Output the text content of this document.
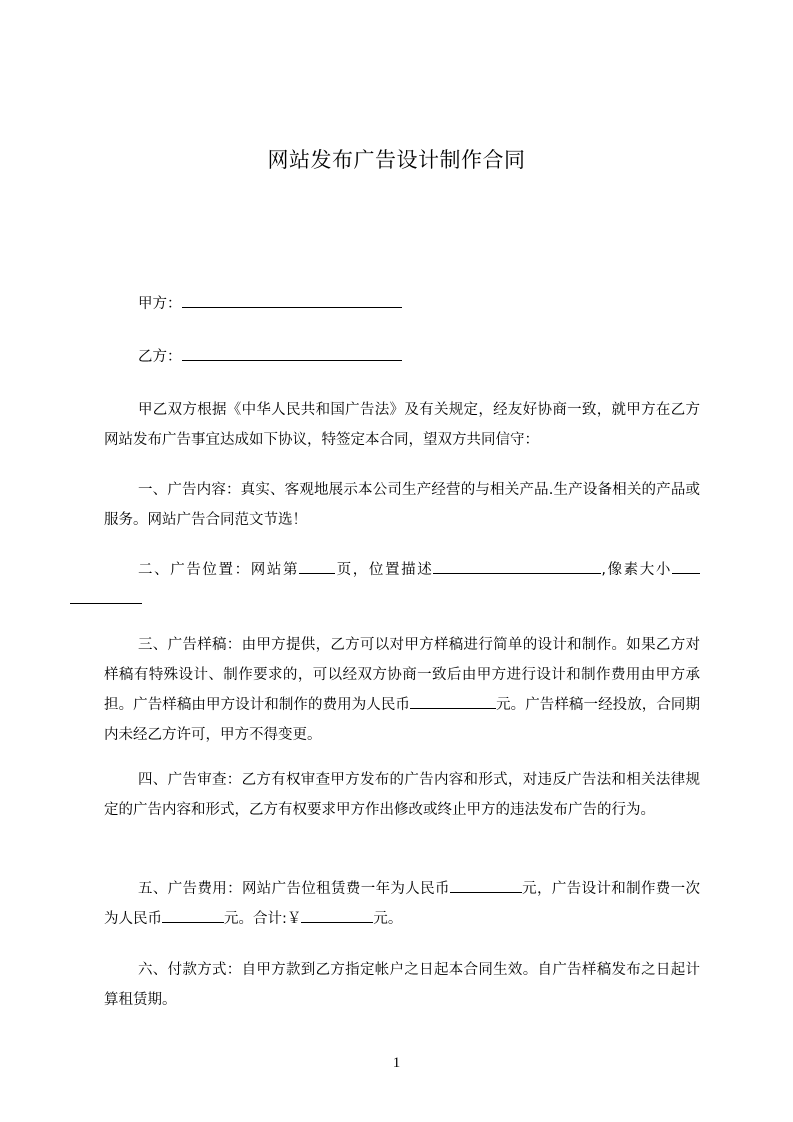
网站发布广告设计制作合同
甲方：
乙方：
甲乙双方根据《中华人民共和国广告法》及有关规定，经友好协商一致，就甲方在乙方网站发布广告事宜达成如下协议，特签定本合同，望双方共同信守：
一、广告内容：真实、客观地展示本公司生产经营的与相关产品.生产设备相关的产品或服务。网站广告合同范文节选！
二、广告位置：网站第 页，位置描述	,像素大小
三、广告样稿：由甲方提供，乙方可以对甲方样稿进行简单的设计和制作。如果乙方对样稿有特殊设计、制作要求的，可以经双方协商一致后由甲方进行设计和制作费用由甲方承担。广告样稿由甲方设计和制作的费用为人民币	元。广告样稿一经投放，合同期内未经乙方许可，甲方不得变更。
四、广告审查：乙方有权审查甲方发布的广告内容和形式，对违反广告法和相关法律规定的广告内容和形式，乙方有权要求甲方作出修改或终止甲方的违法发布广告的行为。
五、广告费用：网站广告位租赁费一年为人民币	元，广告设计和制作费一次为人民币	元。合计:￥	元。
六、付款方式：自甲方款到乙方指定帐户之日起本合同生效。自广告样稿发布之日起计算租赁期。
1
